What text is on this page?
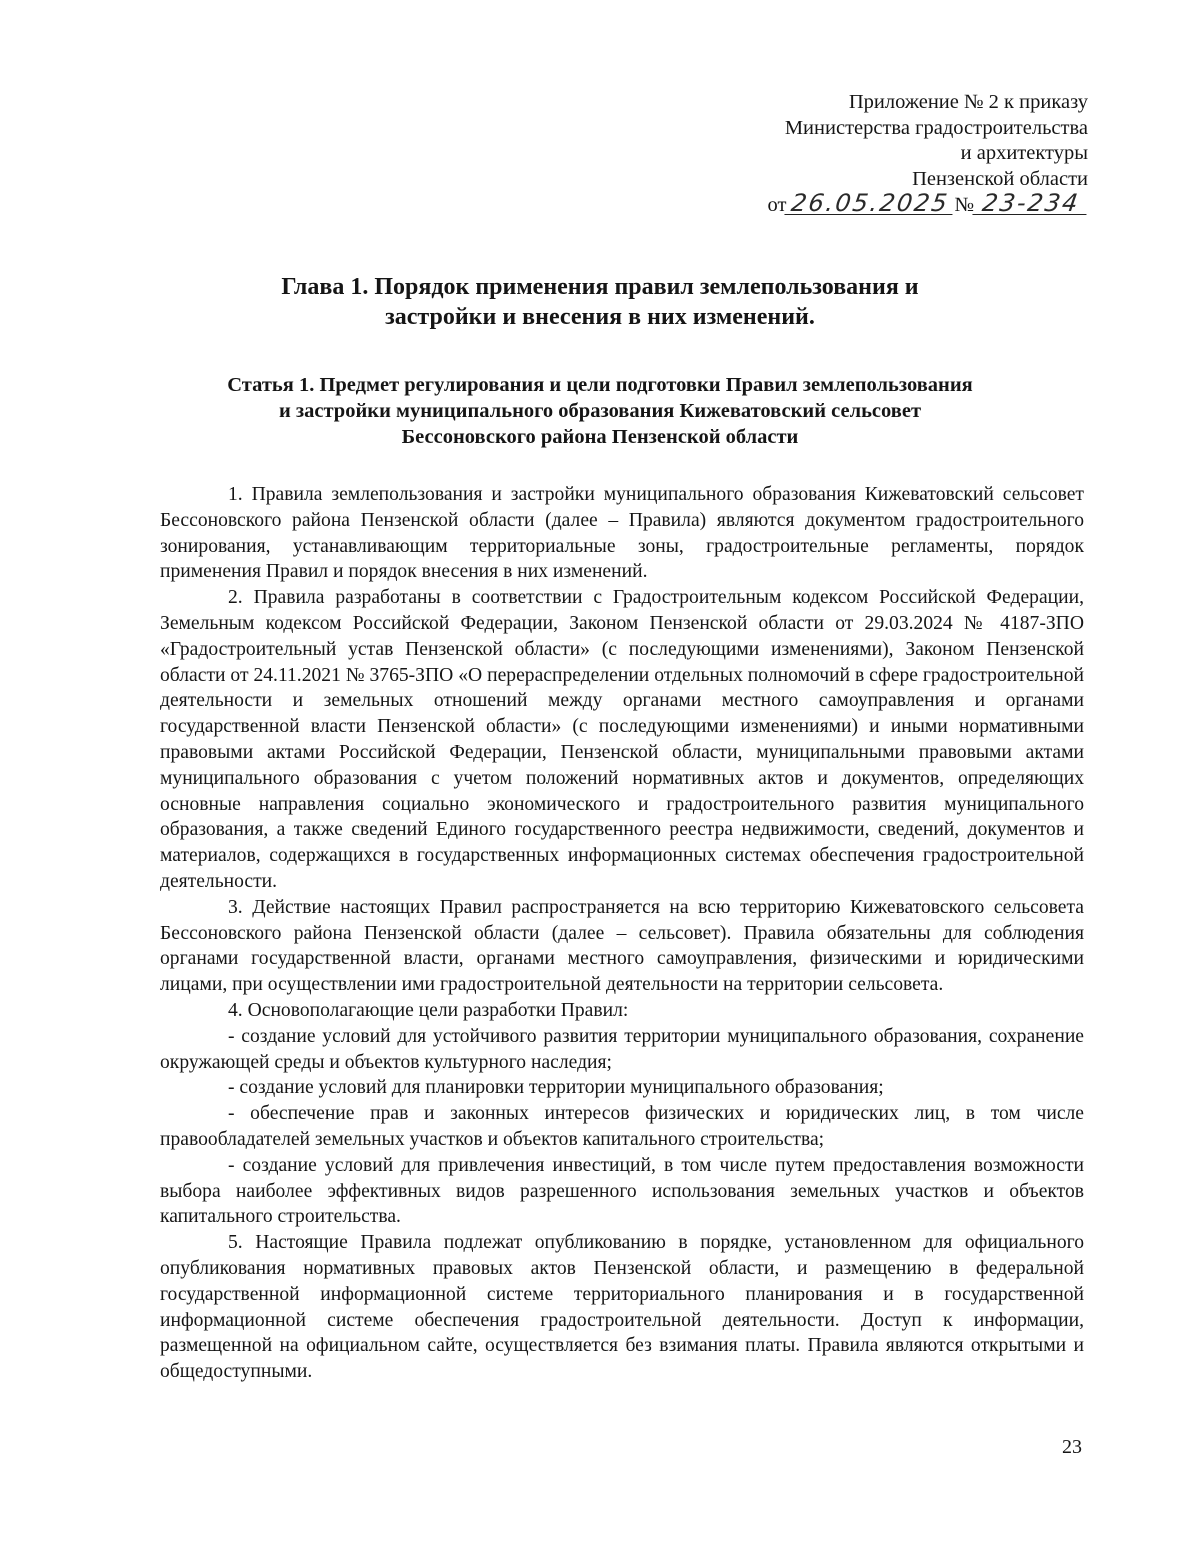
Приложение № 2 к приказу
Министерства градостроительства
и архитектуры
Пензенской области
от 26.05.2025 № 23-234
Глава 1. Порядок применения правил землепользования и
застройки и внесения в них изменений.
Статья 1. Предмет регулирования и цели подготовки Правил землепользования
и застройки муниципального образования Кижеватовский сельсовет
Бессоновского района Пензенской области

1. Правила землепользования и застройки муниципального образования Кижеватовский сельсовет Бессоновского района Пензенской области (далее – Правила) являются документом градостроительного зонирования, устанавливающим территориальные зоны, градостроительные регламенты, порядок применения Правил и порядок внесения в них изменений.

2. Правила разработаны в соответствии с Градостроительным кодексом Российской Федерации, Земельным кодексом Российской Федерации, Законом Пензенской области от 29.03.2024 № 4187-ЗПО «Градостроительный устав Пензенской области» (с последующими изменениями), Законом Пензенской области от 24.11.2021 № 3765-ЗПО «О перераспределении отдельных полномочий в сфере градостроительной деятельности и земельных отношений между органами местного самоуправления и органами государственной власти Пензенской области» (с последующими изменениями) и иными нормативными правовыми актами Российской Федерации, Пензенской области, муниципальными правовыми актами муниципального образования с учетом положений нормативных актов и документов, определяющих основные направления социально экономического и градостроительного развития муниципального образования, а также сведений Единого государственного реестра недвижимости, сведений, документов и материалов, содержащихся в государственных информационных системах обеспечения градостроительной деятельности.

3. Действие настоящих Правил распространяется на всю территорию Кижеватовского сельсовета Бессоновского района Пензенской области (далее – сельсовет). Правила обязательны для соблюдения органами государственной власти, органами местного самоуправления, физическими и юридическими лицами, при осуществлении ими градостроительной деятельности на территории сельсовета.

4. Основополагающие цели разработки Правил:

- создание условий для устойчивого развития территории муниципального образования, сохранение окружающей среды и объектов культурного наследия;

- создание условий для планировки территории муниципального образования;

- обеспечение прав и законных интересов физических и юридических лиц, в том числе правообладателей земельных участков и объектов капитального строительства;

- создание условий для привлечения инвестиций, в том числе путем предоставления возможности выбора наиболее эффективных видов разрешенного использования земельных участков и объектов капитального строительства.

5. Настоящие Правила подлежат опубликованию в порядке, установленном для официального опубликования нормативных правовых актов Пензенской области, и размещению в федеральной государственной информационной системе территориального планирования и в государственной информационной системе обеспечения градостроительной деятельности. Доступ к информации, размещенной на официальном сайте, осуществляется без взимания платы. Правила являются открытыми и общедоступными.

23
